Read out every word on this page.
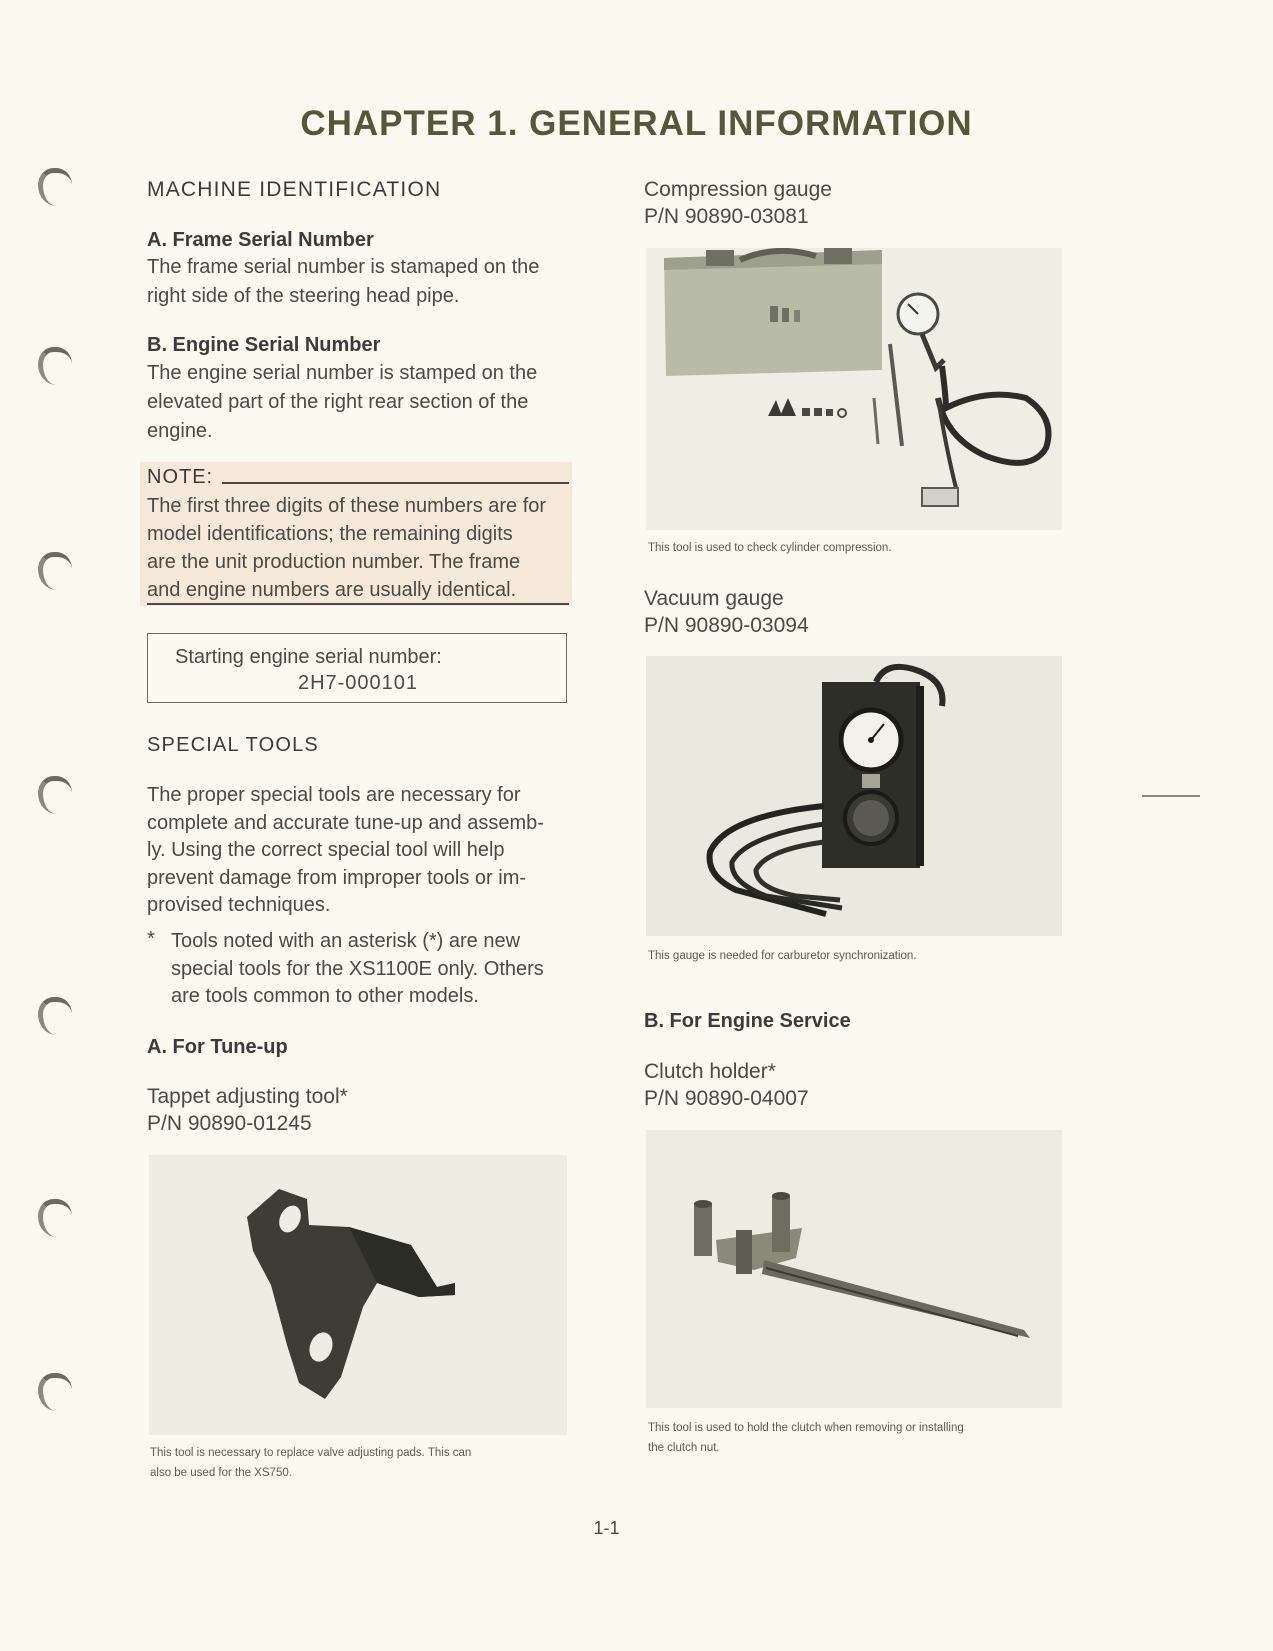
CHAPTER 1. GENERAL INFORMATION
MACHINE IDENTIFICATION
A. Frame Serial Number
The frame serial number is stamaped on the
right side of the steering head pipe.
B. Engine Serial Number
The engine serial number is stamped on the
elevated part of the right rear section of the
engine.
NOTE:
The first three digits of these numbers are for
model identifications; the remaining digits
are the unit production number. The frame
and engine numbers are usually identical.
Starting engine serial number:
2H7-000101
SPECIAL TOOLS
The proper special tools are necessary for
complete and accurate tune-up and assemb-
ly. Using the correct special tool will help
prevent damage from improper tools or im-
provised techniques.
* Tools noted with an asterisk (*) are new
special tools for the XS1100E only. Others
are tools common to other models.
A. For Tune-up
Tappet adjusting tool*
P/N 90890-01245
This tool is necessary to replace valve adjusting pads. This can
also be used for the XS750.
Compression gauge
P/N 90890-03081
This tool is used to check cylinder compression.
Vacuum gauge
P/N 90890-03094
This gauge is needed for carburetor synchronization.
B. For Engine Service
Clutch holder*
P/N 90890-04007
This tool is used to hold the clutch when removing or installing
the clutch nut.
1-1
